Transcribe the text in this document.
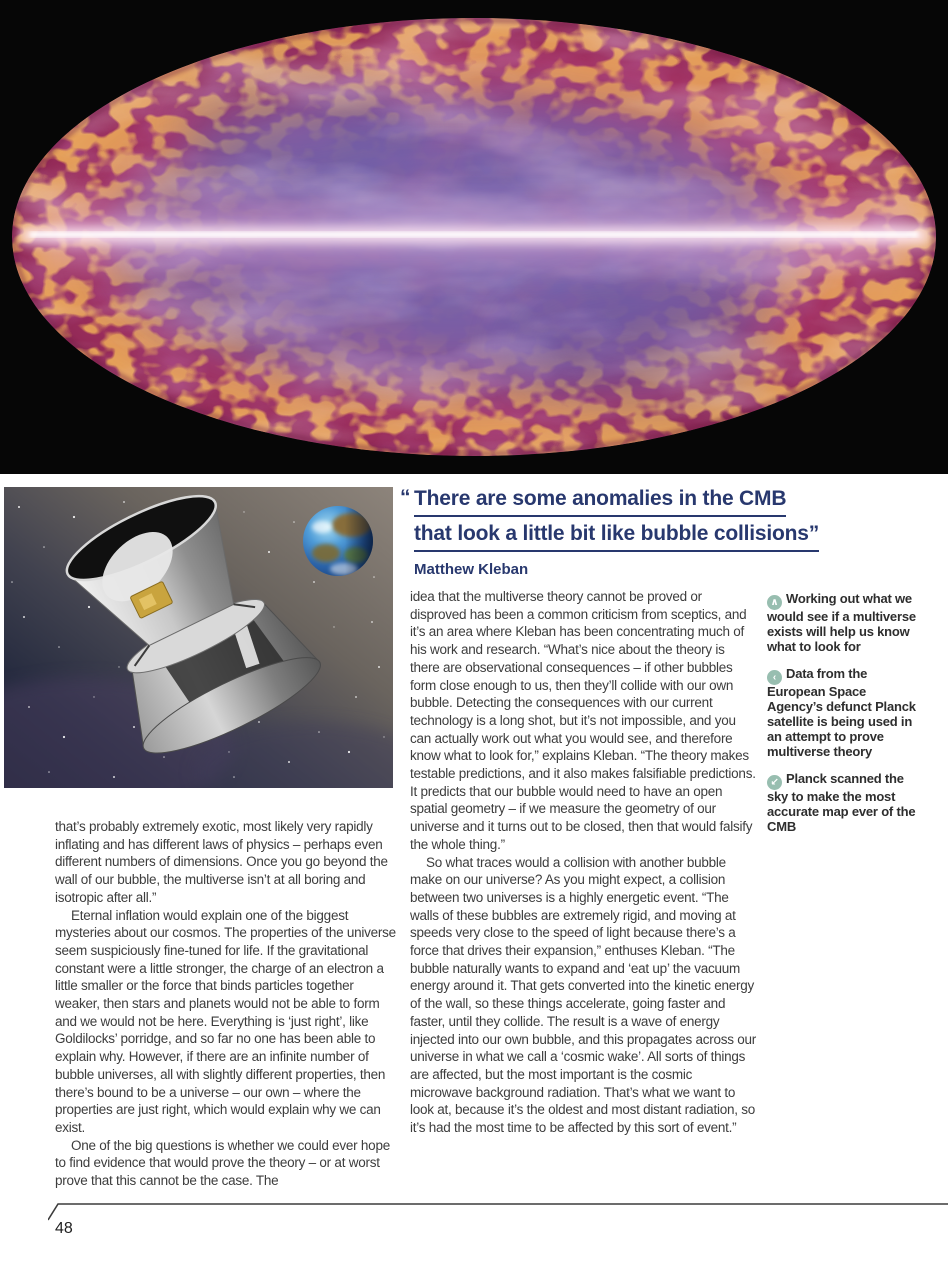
“ There are some anomalies in the CMB
that look a little bit like bubble collisions”
Matthew Kleban

that’s probably extremely exotic, most likely very rapidly inflating and has different laws of physics – perhaps even different numbers of dimensions. Once you go beyond the wall of our bubble, the multiverse isn’t at all boring and isotropic after all.”

Eternal inflation would explain one of the biggest mysteries about our cosmos. The properties of the universe seem suspiciously fine-tuned for life. If the gravitational constant were a little stronger, the charge of an electron a little smaller or the force that binds particles together weaker, then stars and planets would not be able to form and we would not be here. Everything is ‘just right’, like Goldilocks’ porridge, and so far no one has been able to explain why. However, if there are an infinite number of bubble universes, all with slightly different properties, then there’s bound to be a universe – our own – where the properties are just right, which would explain why we can exist.

One of the big questions is whether we could ever hope to find evidence that would prove the theory – or at worst prove that this cannot be the case. The

idea that the multiverse theory cannot be proved or disproved has been a common criticism from sceptics, and it’s an area where Kleban has been concentrating much of his work and research. “What’s nice about the theory is there are observational consequences – if other bubbles form close enough to us, then they’ll collide with our own bubble. Detecting the consequences with our current technology is a long shot, but it’s not impossible, and you can actually work out what you would see, and therefore know what to look for,” explains Kleban. “The theory makes testable predictions, and it also makes falsifiable predictions. It predicts that our bubble would need to have an open spatial geometry – if we measure the geometry of our universe and it turns out to be closed, then that would falsify the whole thing.”

So what traces would a collision with another bubble make on our universe? As you might expect, a collision between two universes is a highly energetic event. “The walls of these bubbles are extremely rigid, and moving at speeds very close to the speed of light because there’s a force that drives their expansion,” enthuses Kleban. “The bubble naturally wants to expand and ‘eat up’ the vacuum energy around it. That gets converted into the kinetic energy of the wall, so these things accelerate, going faster and faster, until they collide. The result is a wave of energy injected into our own bubble, and this propagates across our universe in what we call a ‘cosmic wake’. All sorts of things are affected, but the most important is the cosmic microwave background radiation. That’s what we want to look at, because it’s the oldest and most distant radiation, so it’s had the most time to be affected by this sort of event.”

∧ Working out what we would see if a multiverse exists will help us know what to look for
‹ Data from the European Space Agency’s defunct Planck satellite is being used in an attempt to prove multiverse theory
↙ Planck scanned the sky to make the most accurate map ever of the CMB
48
